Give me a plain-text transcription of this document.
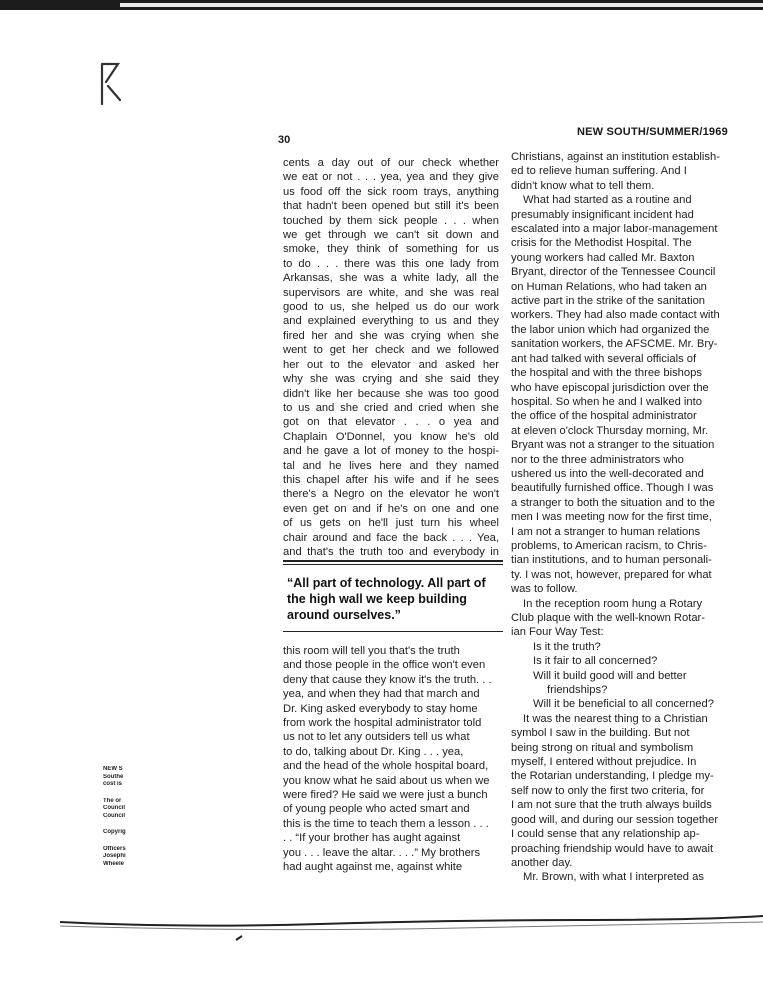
30
NEW SOUTH/SUMMER/1969

cents a day out of our check whether

we eat or not . . . yea, yea and they give

us food off the sick room trays, anything

that hadn't been opened but still it's been

touched by them sick people . . . when

we get through we can't sit down and

smoke, they think of something for us

to do . . . there was this one lady from

Arkansas, she was a white lady, all the

supervisors are white, and she was real

good to us, she helped us do our work

and explained everything to us and they

fired her and she was crying when she

went to get her check and we followed

her out to the elevator and asked her

why she was crying and she said they

didn't like her because she was too good

to us and she cried and cried when she

got on that elevator . . . o yea and

Chaplain O'Donnel, you know he's old

and he gave a lot of money to the hospi-

tal and he lives here and they named

this chapel after his wife and if he sees

there's a Negro on the elevator he won't

even get on and if he's on one and one

of us gets on he'll just turn his wheel

chair around and face the back . . . Yea,

and that's the truth too and everybody in

“All part of technology. All part of the high wall we keep building around ourselves.”

this room will tell you that's the truth

and those people in the office won't even

deny that cause they know it's the truth. . .

yea, and when they had that march and

Dr. King asked everybody to stay home

from work the hospital administrator told

us not to let any outsiders tell us what

to do, talking about Dr. King . . . yea,

and the head of the whole hospital board,

you know what he said about us when we

were fired? He said we were just a bunch

of young people who acted smart and

this is the time to teach them a lesson . . .

. . “If your brother has aught against

you . . . leave the altar. . . .” My brothers

had aught against me, against white

Christians, against an institution establish-

ed to relieve human suffering. And I

didn't know what to tell them.

What had started as a routine and

presumably insignificant incident had

escalated into a major labor-management

crisis for the Methodist Hospital. The

young workers had called Mr. Baxton

Bryant, director of the Tennessee Council

on Human Relations, who had taken an

active part in the strike of the sanitation

workers. They had also made contact with

the labor union which had organized the

sanitation workers, the AFSCME. Mr. Bry-

ant had talked with several officials of

the hospital and with the three bishops

who have episcopal jurisdiction over the

hospital. So when he and I walked into

the office of the hospital administrator

at eleven o'clock Thursday morning, Mr.

Bryant was not a stranger to the situation

nor to the three administrators who

ushered us into the well-decorated and

beautifully furnished office. Though I was

a stranger to both the situation and to the

men I was meeting now for the first time,

I am not a stranger to human relations

problems, to American racism, to Chris-

tian institutions, and to human personali-

ty. I was not, however, prepared for what

was to follow.

In the reception room hung a Rotary

Club plaque with the well-known Rotar-

ian Four Way Test:

Is it the truth?

Is it fair to all concerned?

Will it build good will and better

friendships?

Will it be beneficial to all concerned?

It was the nearest thing to a Christian

symbol I saw in the building. But not

being strong on ritual and symbolism

myself, I entered without prejudice. In

the Rotarian understanding, I pledge my-

self now to only the first two criteria, for

I am not sure that the truth always builds

good will, and during our session together

I could sense that any relationship ap-

proaching friendship would have to await

another day.

Mr. Brown, with what I interpreted as

NEW S
Southe
cost is
The or
Council
Council
Copyrig
Officers
Josephi
Wheele
